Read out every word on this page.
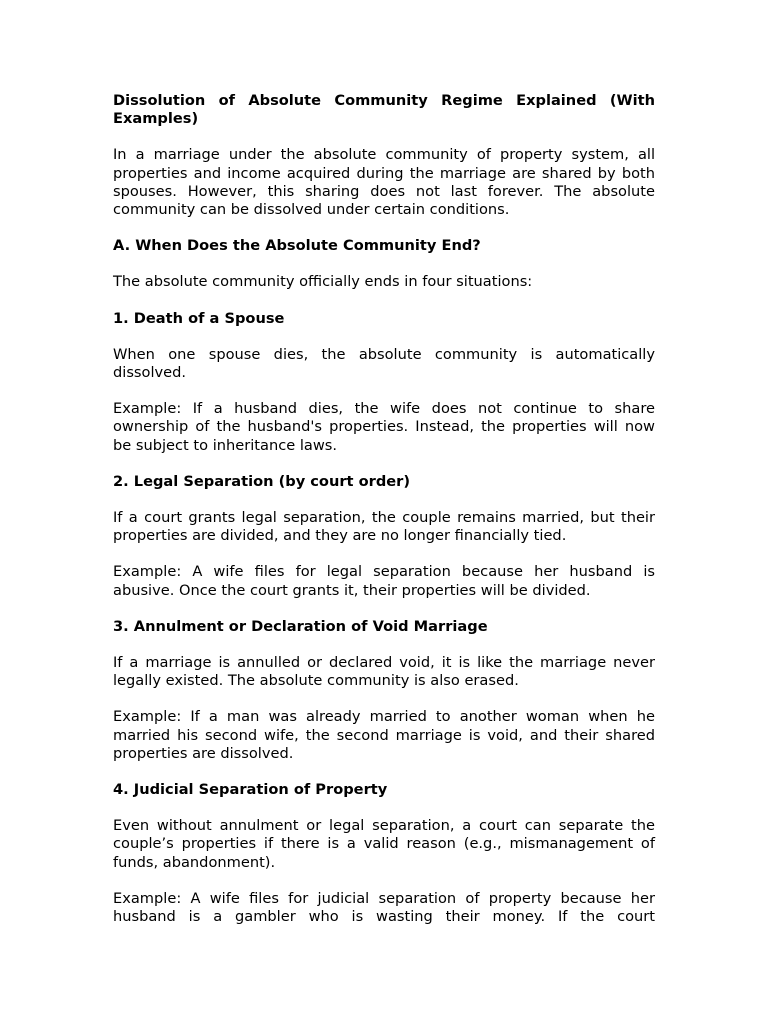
Dissolution of Absolute Community Regime Explained (With Examples)

In a marriage under the absolute community of property system, all properties and income acquired during the marriage are shared by both spouses. However, this sharing does not last forever. The absolute community can be dissolved under certain conditions.

A. When Does the Absolute Community End?

The absolute community officially ends in four situations:

1. Death of a Spouse

When one spouse dies, the absolute community is automatically dissolved.

Example: If a husband dies, the wife does not continue to share ownership of the husband's properties. Instead, the properties will now be subject to inheritance laws.

2. Legal Separation (by court order)

If a court grants legal separation, the couple remains married, but their properties are divided, and they are no longer financially tied.

Example: A wife files for legal separation because her husband is abusive. Once the court grants it, their properties will be divided.

3. Annulment or Declaration of Void Marriage

If a marriage is annulled or declared void, it is like the marriage never legally existed. The absolute community is also erased.

Example: If a man was already married to another woman when he married his second wife, the second marriage is void, and their shared properties are dissolved.

4. Judicial Separation of Property

Even without annulment or legal separation, a court can separate the couple’s properties if there is a valid reason (e.g., mismanagement of funds, abandonment).

Example: A wife files for judicial separation of property because her husband is a gambler who is wasting their money. If the court
